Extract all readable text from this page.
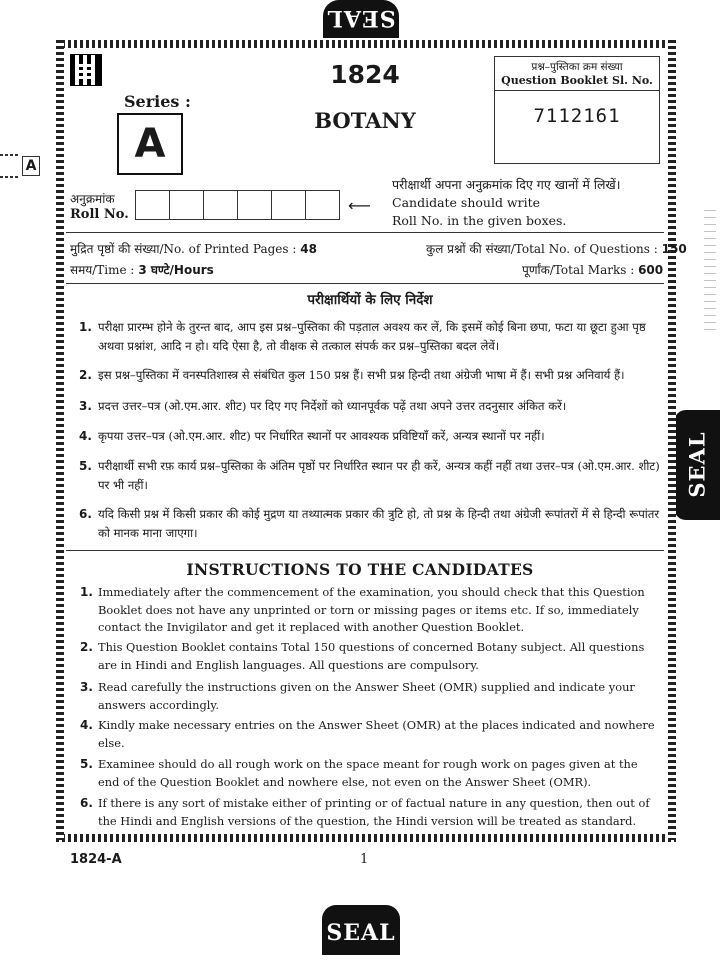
SEAL
SEAL
SEAL
A
1824
BOTANY
Series :
A
प्रश्न–पुस्तिका क्रम संख्या
Question Booklet Sl. No.
7112161
अनुक्रमांक
Roll No.	⟵
परीक्षार्थी अपना अनुक्रमांक दिए गए खानों में लिखें।
Candidate should write
Roll No. in the given boxes.
मुद्रित पृष्ठों की संख्या/No. of Printed Pages : 48	कुल प्रश्नों की संख्या/Total No. of Questions : 150
समय/Time : 3 घण्टे/Hours	पूर्णांक/Total Marks : 600
परीक्षार्थियों के लिए निर्देश
1. परीक्षा प्रारम्भ होने के तुरन्त बाद, आप इस प्रश्न–पुस्तिका की पड़ताल अवश्य कर लें, कि इसमें कोई बिना छपा, फटा या छूटा हुआ पृष्ठ अथवा प्रश्नांश, आदि न हो। यदि ऐसा है, तो वीक्षक से तत्काल संपर्क कर प्रश्न–पुस्तिका बदल लेवें।
2. इस प्रश्न–पुस्तिका में वनस्पतिशास्त्र से संबंधित कुल 150 प्रश्न हैं। सभी प्रश्न हिन्दी तथा अंग्रेजी भाषा में हैं। सभी प्रश्न अनिवार्य हैं।
3. प्रदत्त उत्तर–पत्र (ओ.एम.आर. शीट) पर दिए गए निर्देशों को ध्यानपूर्वक पढ़ें तथा अपने उत्तर तदनुसार अंकित करें।
4. कृपया उत्तर–पत्र (ओ.एम.आर. शीट) पर निर्धारित स्थानों पर आवश्यक प्रविष्टियाँ करें, अन्यत्र स्थानों पर नहीं।
5. परीक्षार्थी सभी रफ़ कार्य प्रश्न–पुस्तिका के अंतिम पृष्ठों पर निर्धारित स्थान पर ही करें, अन्यत्र कहीं नहीं तथा उत्तर–पत्र (ओ.एम.आर. शीट) पर भी नहीं।
6. यदि किसी प्रश्न में किसी प्रकार की कोई मुद्रण या तथ्यात्मक प्रकार की त्रुटि हो, तो प्रश्न के हिन्दी तथा अंग्रेजी रूपांतरों में से हिन्दी रूपांतर को मानक माना जाएगा।
INSTRUCTIONS TO THE CANDIDATES
1. Immediately after the commencement of the examination, you should check that this Question Booklet does not have any unprinted or torn or missing pages or items etc. If so, immediately contact the Invigilator and get it replaced with another Question Booklet.
2. This Question Booklet contains Total 150 questions of concerned Botany subject. All questions are in Hindi and English languages. All questions are compulsory.
3. Read carefully the instructions given on the Answer Sheet (OMR) supplied and indicate your answers accordingly.
4. Kindly make necessary entries on the Answer Sheet (OMR) at the places indicated and nowhere else.
5. Examinee should do all rough work on the space meant for rough work on pages given at the end of the Question Booklet and nowhere else, not even on the Answer Sheet (OMR).
6. If there is any sort of mistake either of printing or of factual nature in any question, then out of the Hindi and English versions of the question, the Hindi version will be treated as standard.
1824-A	1
